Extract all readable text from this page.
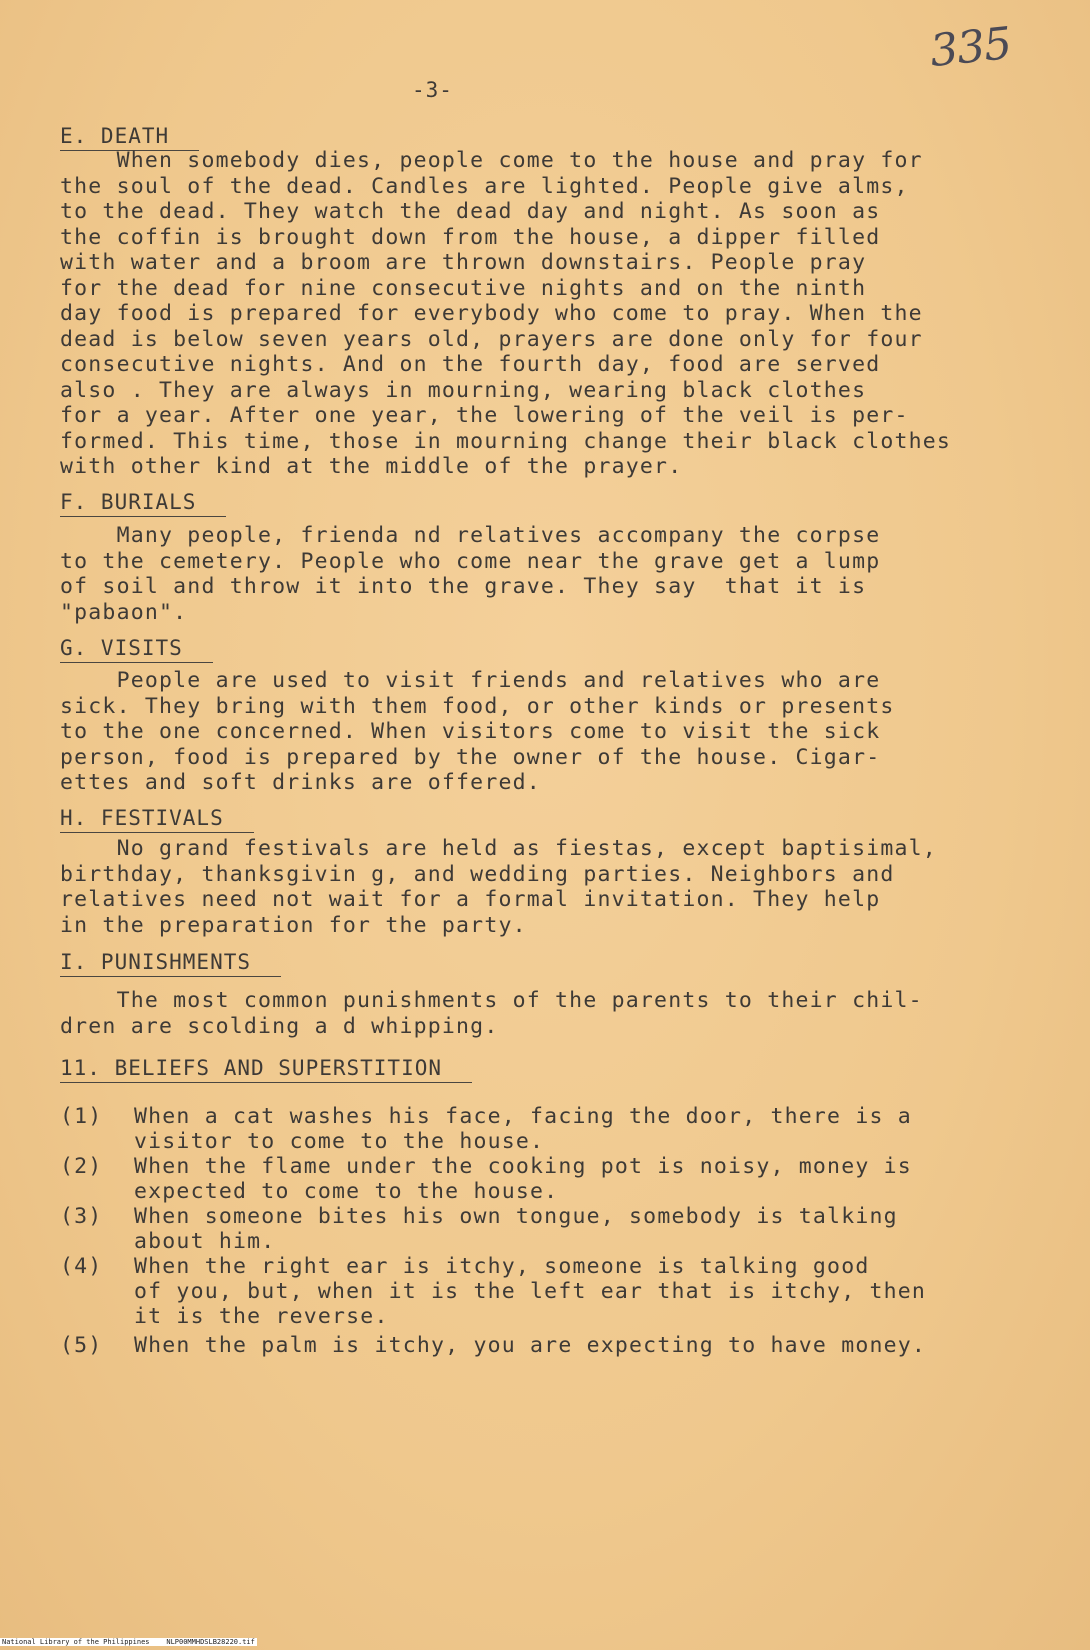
335
-3-
E. DEATH
When somebody dies, people come to the house and pray for
the soul of the dead. Candles are lighted. People give alms,
to the dead. They watch the dead day and night. As soon as
the coffin is brought down from the house, a dipper filled
with water and a broom are thrown downstairs. People pray
for the dead for nine consecutive nights and on the ninth
day food is prepared for everybody who come to pray. When the
dead is below seven years old, prayers are done only for four
consecutive nights. And on the fourth day, food are served
also . They are always in mourning, wearing black clothes
for a year. After one year, the lowering of the veil is per-
formed. This time, those in mourning change their black clothes
with other kind at the middle of the prayer.
F. BURIALS
Many people, frienda nd relatives accompany the corpse
to the cemetery. People who come near the grave get a lump
of soil and throw it into the grave. They say  that it is
"pabaon".
G. VISITS
People are used to visit friends and relatives who are
sick. They bring with them food, or other kinds or presents
to the one concerned. When visitors come to visit the sick
person, food is prepared by the owner of the house. Cigar-
ettes and soft drinks are offered.
H. FESTIVALS
No grand festivals are held as fiestas, except baptisimal,
birthday, thanksgivin g, and wedding parties. Neighbors and
relatives need not wait for a formal invitation. They help
in the preparation for the party.
I. PUNISHMENTS
The most common punishments of the parents to their chil-
dren are scolding a d whipping.
11. BELIEFS AND SUPERSTITION
(1) When a cat washes his face, facing the door, there is a
visitor to come to the house.
(2) When the flame under the cooking pot is noisy, money is
expected to come to the house.
(3) When someone bites his own tongue, somebody is talking
about him.
(4) When the right ear is itchy, someone is talking good
of you, but, when it is the left ear that is itchy, then
it is the reverse.
(5) When the palm is itchy, you are expecting to have money.
National Library of the Philippines    NLP00MMHDSLB28220.tif
